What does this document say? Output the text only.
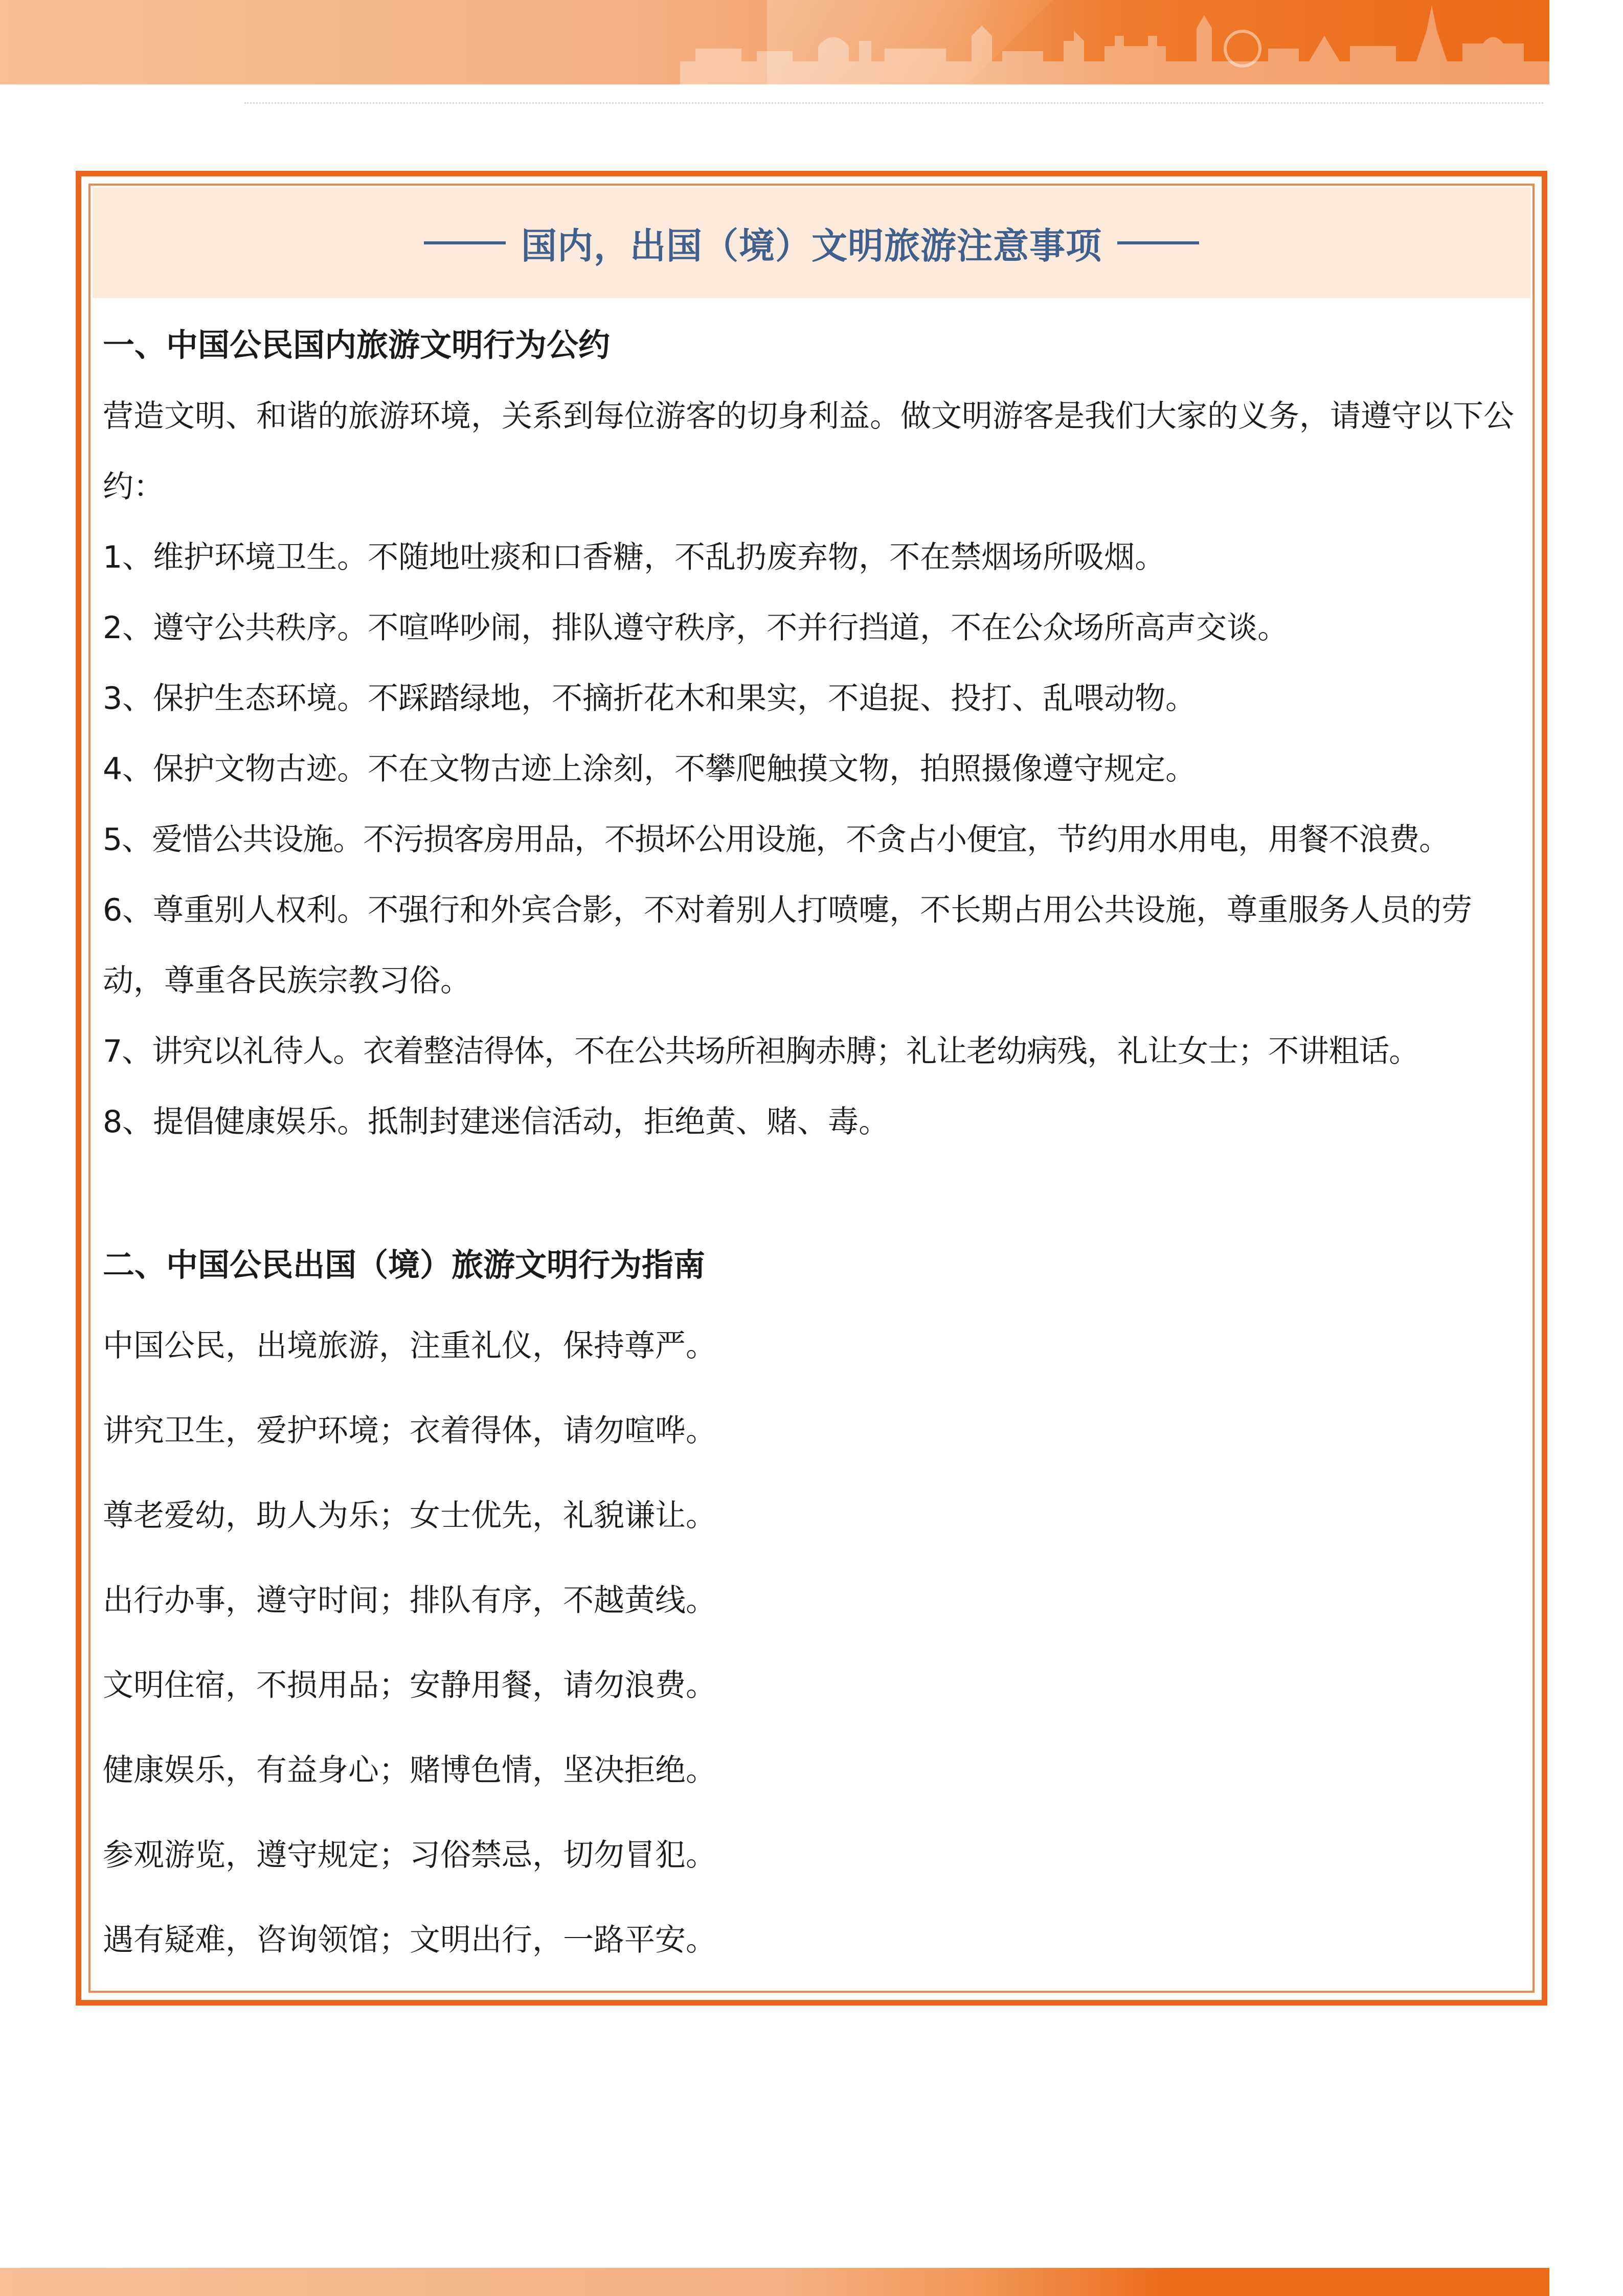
国内，出国（境）文明旅游注意事项

一、中国公民国内旅游文明行为公约

营造文明、和谐的旅游环境，关系到每位游客的切身利益。做文明游客是我们大家的义务，请遵守以下公约：

1、维护环境卫生。不随地吐痰和口香糖，不乱扔废弃物，不在禁烟场所吸烟。

2、遵守公共秩序。不喧哗吵闹，排队遵守秩序，不并行挡道，不在公众场所高声交谈。

3、保护生态环境。不踩踏绿地，不摘折花木和果实，不追捉、投打、乱喂动物。

4、保护文物古迹。不在文物古迹上涂刻，不攀爬触摸文物，拍照摄像遵守规定。

5、爱惜公共设施。不污损客房用品，不损坏公用设施，不贪占小便宜，节约用水用电，用餐不浪费。

6、尊重别人权利。不强行和外宾合影，不对着别人打喷嚏，不长期占用公共设施，尊重服务人员的劳动，尊重各民族宗教习俗。

7、讲究以礼待人。衣着整洁得体，不在公共场所袒胸赤膊；礼让老幼病残，礼让女士；不讲粗话。

8、提倡健康娱乐。抵制封建迷信活动，拒绝黄、赌、毒。

二、中国公民出国（境）旅游文明行为指南

中国公民，出境旅游，注重礼仪，保持尊严。

讲究卫生，爱护环境；衣着得体，请勿喧哗。

尊老爱幼，助人为乐；女士优先，礼貌谦让。

出行办事，遵守时间；排队有序，不越黄线。

文明住宿，不损用品；安静用餐，请勿浪费。

健康娱乐，有益身心；赌博色情，坚决拒绝。

参观游览，遵守规定；习俗禁忌，切勿冒犯。

遇有疑难，咨询领馆；文明出行，一路平安。
